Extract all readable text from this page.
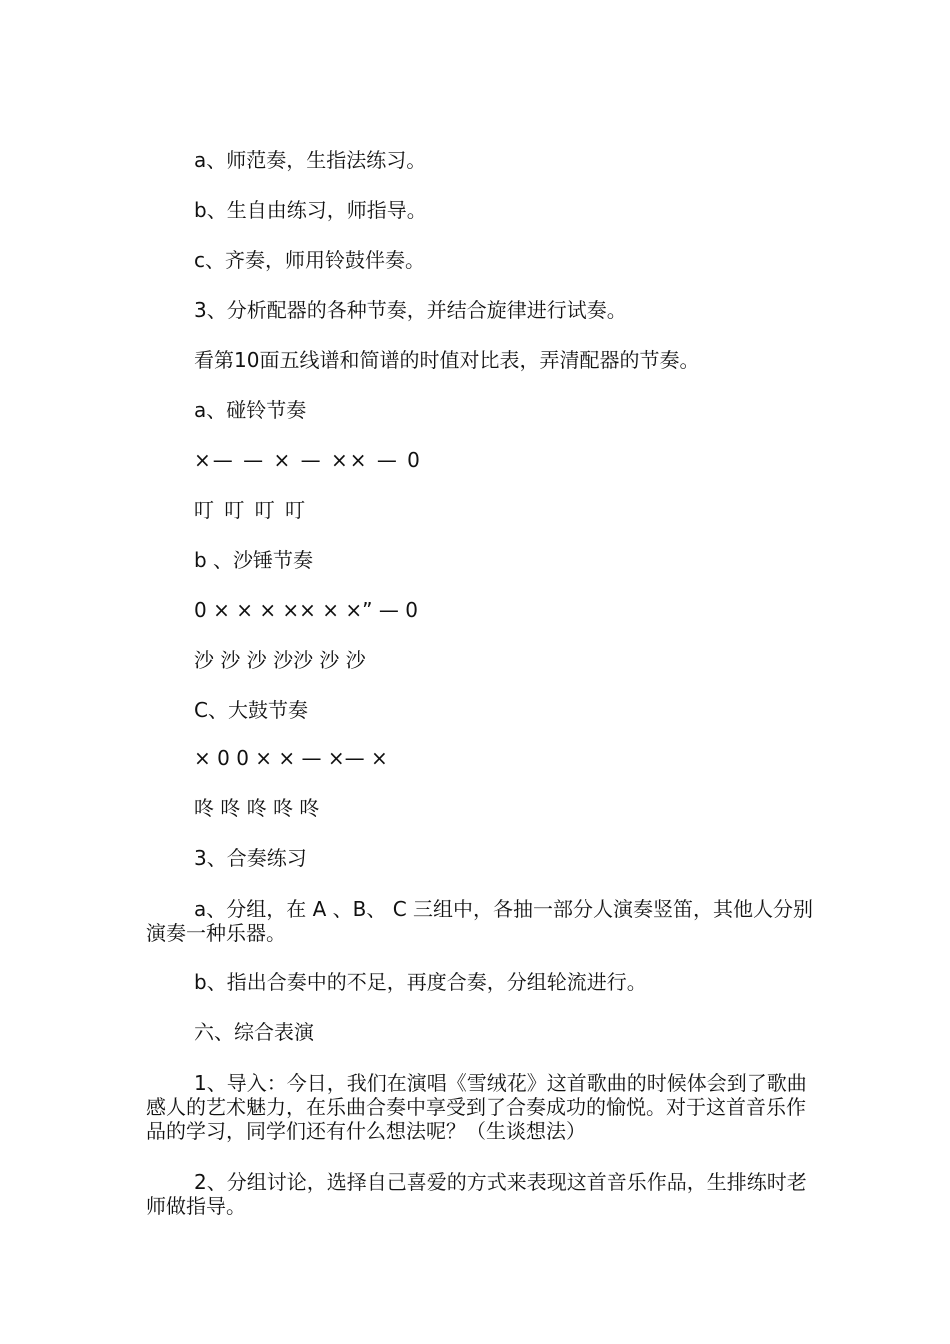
a、师范奏，生指法练习。

b、生自由练习，师指导。

c、齐奏，师用铃鼓伴奏。

3、分析配器的各种节奏，并结合旋律进行试奏。

看第10面五线谱和简谱的时值对比表，弄清配器的节奏。

a、碰铃节奏

×— — × — ×× — 0

叮 叮 叮 叮

b 、沙锤节奏

0 × × × ×× × ×” — 0

沙 沙 沙 沙沙 沙 沙

C、大鼓节奏

× 0 0 × × — ×— ×

咚 咚 咚 咚 咚

3、合奏练习

a、分组，在 A 、B、 C 三组中，各抽一部分人演奏竖笛，其他人分别演奏一种乐器。

b、指出合奏中的不足，再度合奏，分组轮流进行。

六、综合表演

1、导入：今日，我们在演唱《雪绒花》这首歌曲的时候体会到了歌曲感人的艺术魅力，在乐曲合奏中享受到了合奏成功的愉悦。对于这首音乐作品的学习，同学们还有什么想法呢？（生谈想法）

2、分组讨论，选择自己喜爱的方式来表现这首音乐作品，生排练时老师做指导。
